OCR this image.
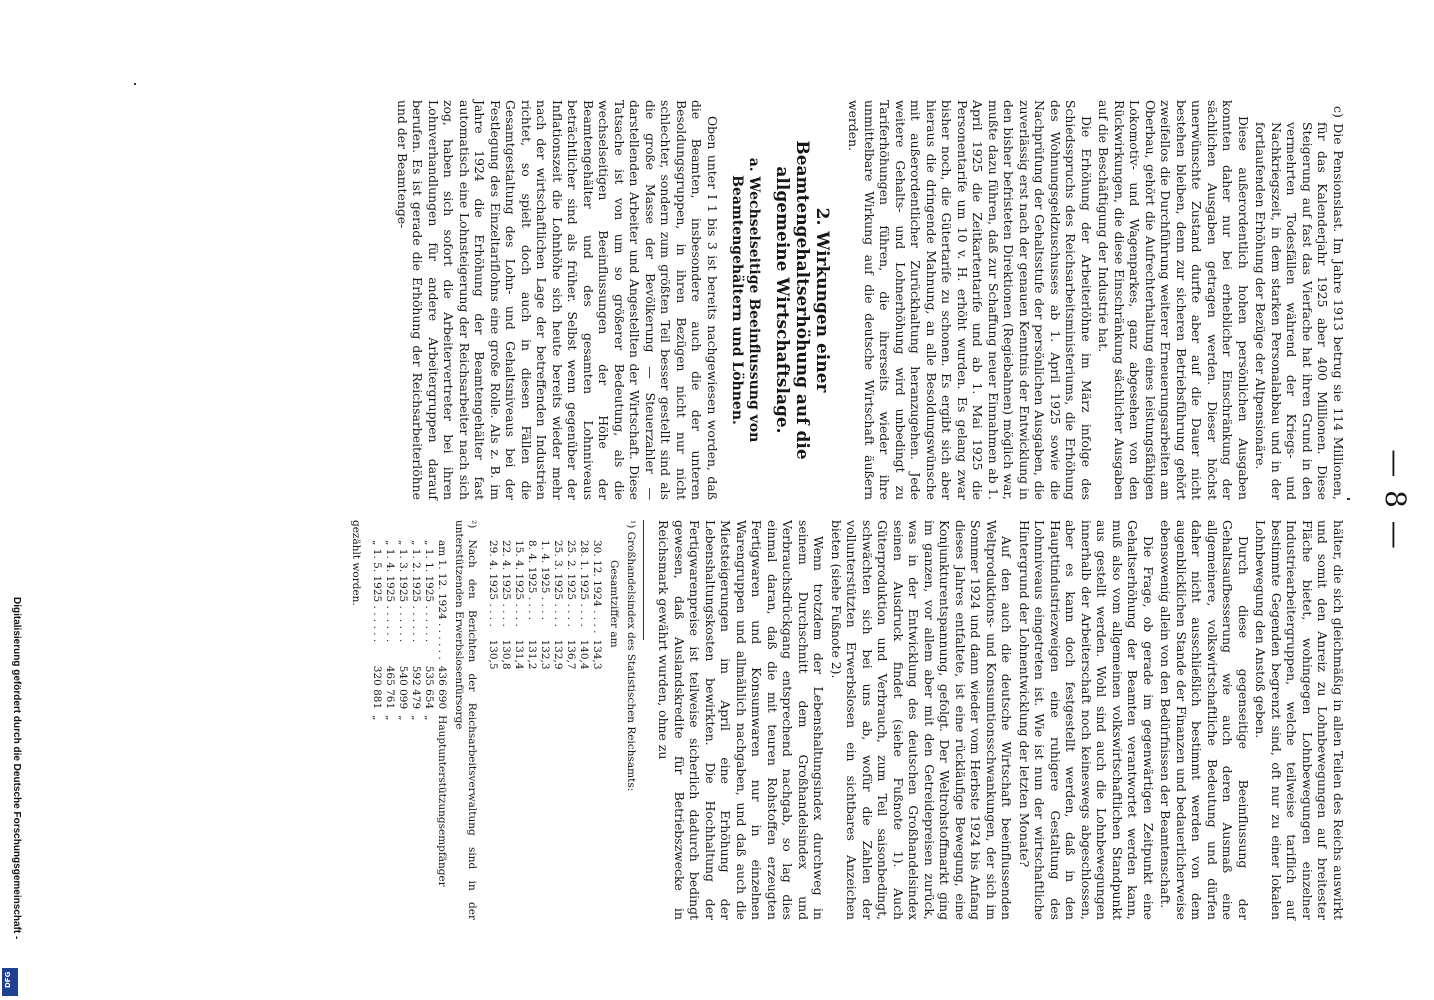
— 8 —
c) Die Pensionslast. Im Jahre 1913 betrug sie 114 Millionen, für das Kalenderjahr 1925 aber 400 Millionen. Diese Steigerung auf fast das Vierfache hat ihren Grund in den vermehrten Todesfällen während der Kriegs- und Nachkriegszeit, in dem starken Personalabbau und in der fortlaufenden Erhöhung der Bezüge der Altpensionäre.

Diese außerordentlich hohen persönlichen Ausgaben konnten daher nur bei erheblicher Einschränkung der sächlichen Ausgaben getragen werden. Dieser höchst unerwünschte Zustand durfte aber auf die Dauer nicht bestehen bleiben, denn zur sicheren Betriebsführung gehört zweifellos die Durchführung weiterer Erneuerungsarbeiten am Oberbau, gehört die Aufrechterhaltung eines leistungsfähigen Lokomotiv- und Wagenparkes, ganz abgesehen von den Rückwirkungen, die diese Einschränkung sächlicher Ausgaben auf die Beschäftigung der Industrie hat.

Die Erhöhung der Arbeiterlöhne im März infolge des Schiedsspruchs des Reichsarbeitsministeriums, die Erhöhung des Wohnungsgeldzuschusses ab 1. April 1925 sowie die Nachprüfung der Gehaltsstufe der persönlichen Ausgaben, die zuverlässig erst nach der genauen Kenntnis der Entwicklung in den bisher befristeten Direktionen (Regiebahnen) möglich war, mußte dazu führen, daß zur Schaffung neuer Einnahmen ab 1. April 1925 die Zeitkartentarife und ab 1. Mai 1925 die Personentarife um 10 v. H. erhöht wurden. Es gelang zwar bisher noch, die Gütertarife zu schonen. Es ergibt sich aber hieraus die dringende Mahnung, an alle Besoldungswünsche mit außerordentlicher Zurückhaltung heranzugehen. Jede weitere Gehalts- und Lohnerhöhung wird unbedingt zu Tariferhöhungen führen, die ihrerseits wieder ihre unmittelbare Wirkung auf die deutsche Wirtschaft äußern werden.

2. Wirkungen einer Beamtengehaltserhöhung auf die allgemeine Wirtschaftslage.
a. Wechselseitige Beeinflussung von Beamtengehältern und Löhnen.

Oben unter I 1 bis 3 ist bereits nachgewiesen worden, daß die Beamten, insbesondere auch die der unteren Besoldungsgruppen, in ihren Bezügen nicht nur nicht schlechter, sondern zum größten Teil besser gestellt sind als die große Masse der Bevölkerung — Steuerzahler — darstellenden Arbeiter und Angestellten der Wirtschaft. Diese Tatsache ist von um so größerer Bedeutung, als die wechselseitigen Beeinflussungen der Höhe der Beamtengehälter und des gesamten Lohnniveaus beträchtlicher sind als früher. Selbst wenn gegenüber der Inflationszeit die Lohnhöhe sich heute bereits wieder mehr nach der wirtschaftlichen Lage der betreffenden Industrien richtet, so spielt doch auch in diesen Fällen die Gesamtgestaltung des Lohn- und Gehaltsniveaus bei der Festlegung des Einzeltariflohns eine große Rolle. Als z. B. im Jahre 1924 die Erhöhung der Beamtengehälter fast automatisch eine Lohnsteigerung der Reichsarbeiter nach sich zog, haben sich sofort die Arbeitervertreter bei ihren Lohnverhandlungen für andere Arbeitergruppen darauf berufen. Es ist gerade die Erhöhung der Reichsarbeiterlöhne und der Beamtenge-

hälter, die sich gleichmäßig in allen Teilen des Reichs auswirkt und somit den Anreiz zu Lohnbewegungen auf breitester Fläche bietet, wohingegen Lohnbewegungen einzelner Industriearbeitergruppen, welche teilweise tariflich auf bestimmte Gegenden begrenzt sind, oft nur zu einer lokalen Lohnbewegung den Anstoß geben.

Durch diese gegenseitige Beeinflussung der Gehaltsaufbesserung wie auch deren Ausmaß eine allgemeinere, volkswirtschaftliche Bedeutung und dürfen daher nicht ausschließlich bestimmt werden von dem augenblicklichen Stande der Finanzen und bedauerlicherweise ebensowenig allein von den Bedürfnissen der Beamtenschaft.

Die Frage, ob gerade im gegenwärtigen Zeitpunkt eine Gehaltserhöhung der Beamten verantwortet werden kann, muß also vom allgemeinen volkswirtschaftlichen Standpunkt aus gestellt werden. Wohl sind auch die Lohnbewegungen innerhalb der Arbeiterschaft noch keineswegs abgeschlossen, aber es kann doch festgestellt werden, daß in den Haupttindustriezweigen eine ruhigere Gestaltung des Lohnniveaus eingetreten ist. Wie ist nun der wirtschaftliche Hintergrund der Lohnentwicklung der letzten Monate?

Auf den auch die deutsche Wirtschaft beeinflussenden Weltproduktions- und Konsumtionsschwankungen, der sich im Sommer 1924 und dann wieder vom Herbste 1924 bis Anfang dieses Jahres entfaltete, ist eine rückläufige Bewegung, eine Konjunkturentspannung, gefolgt. Der Weltrohstoffmarkt ging im ganzen, vor allem aber mit den Getreidepreisen zurück, was in der Entwicklung des deutschen Großhandelsindex seinen Ausdruck findet (siehe Fußnote 1). Auch Güterproduktion und Verbrauch, zum Teil saisonbedingt, schwächten sich bei uns ab, wofür die Zahlen der vollunterstützten Erwerbslosen ein sichtbares Anzeichen bieten (siehe Fußnote 2).

Wenn trotzdem der Lebenshaltungsindex durchweg in seinem Durchschnitt dem Großhandelsindex und Verbrauchsdrückgang entsprechend nachgab, so lag dies einmal daran, daß die mit teuren Rohstoffen erzeugten Fertigwaren und Konsumwaren nur in einzelnen Warengruppen und allmählich nachgaben, und daß auch die Mietsteigerungen im April eine Erhöhung der Lebenshaltungskosten bewirkten. Die Hochhaltung der Fertigwarenpreise ist teilweise sicherlich dadurch bedingt gewesen, daß Auslandskredite für Betriebszwecke in Reichsmark gewährt wurden, ohne zu

¹) Großhandelsindex des Statistischen Reichsamts:
Gesamtziffer am
30. 12. 1924 . . . .	134,3
28. 1. 1925 . . . .	140,4
25. 2. 1925 . . . .	136,7
25. 3. 1925 . . . .	132,9
1. 4. 1925 . . . .	132,3
8. 4. 1925 . . . .	131,2
15. 4. 1925 . . . .	131,4
22. 4. 1925 . . . .	130,8
29. 4. 1925 . . . .	130,5
²) Nach den Berichten der Reichsarbeitsverwaltung sind in der unterstützenden Erwerbslosenfürsorge
am 1. 12. 1924 . . . . . .	436 690	Hauptunterstützungsempfänger
„ 1. 1. 1925 . . . . . .	535 654	„
„ 1. 2. 1925 . . . . . .	592 479	„
„ 1. 3. 1925 . . . . . .	540 099	„
„ 1. 4. 1925 . . . . . .	465 761	„
„ 1. 5. 1925 . . . . . .	320 881	„
gezählt worden.
Digitalisierung gefördert durch die Deutsche Forschungsgemeinschaft -
DFG
